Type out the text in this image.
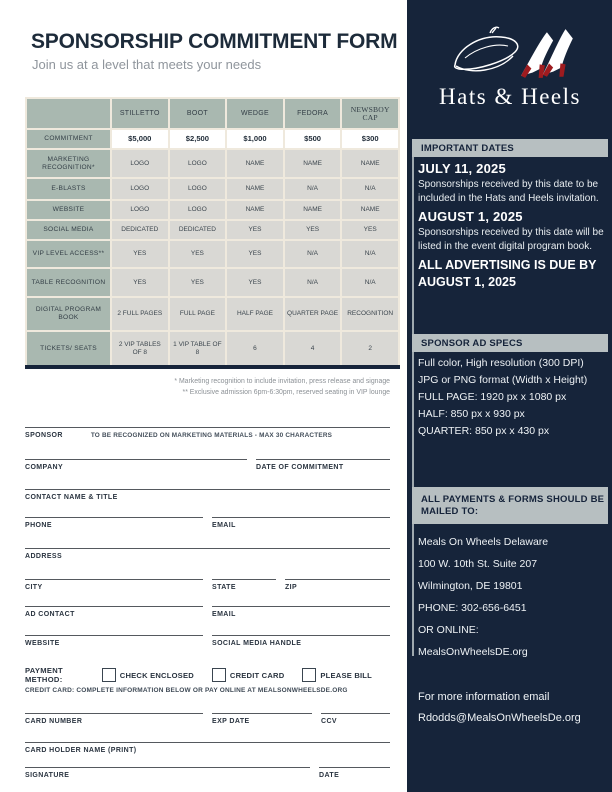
SPONSORSHIP COMMITMENT FORM
Join us at a level that meets your needs
	STILLETTO	BOOT	WEDGE	FEDORA	NEWSBOY CAP
COMMITMENT	$5,000	$2,500	$1,000	$500	$300
MARKETING RECOGNITION*	LOGO	LOGO	NAME	NAME	NAME
E-BLASTS	LOGO	LOGO	NAME	N/A	N/A
WEBSITE	LOGO	LOGO	NAME	NAME	NAME
SOCIAL MEDIA	DEDICATED	DEDICATED	YES	YES	YES
VIP LEVEL ACCESS**	YES	YES	YES	N/A	N/A
TABLE RECOGNITION	YES	YES	YES	N/A	N/A
DIGITAL PROGRAM BOOK	2 FULL PAGES	FULL PAGE	HALF PAGE	QUARTER PAGE	RECOGNITION
TICKETS/ SEATS	2 VIP TABLES OF 8	1 VIP TABLE OF 8	6	4	2
* Marketing recognition to include invitation, press release and signage
** Exclusive admission 6pm-6:30pm, reserved seating in VIP lounge
SPONSOR	TO BE RECOGNIZED ON MARKETING MATERIALS - MAX 30 CHARACTERS
COMPANY	DATE OF COMMITMENT
CONTACT NAME & TITLE
PHONE	EMAIL
ADDRESS
CITY	STATE	ZIP
AD CONTACT	EMAIL
WEBSITE	SOCIAL MEDIA HANDLE
CARD NUMBER	EXP DATE	CCV
CARD HOLDER NAME (PRINT)
SIGNATURE	DATE
PAYMENT METHOD:	CHECK ENCLOSED	CREDIT CARD	PLEASE BILL
CREDIT CARD: COMPLETE INFORMATION BELOW OR PAY ONLINE AT MEALSONWHEELSDE.ORG
Hats & Heels
IMPORTANT DATES
JULY 11, 2025

Sponsorships received by this date to be included in the Hats and Heels invitation.

AUGUST 1, 2025

Sponsorships received by this date will be listed in the event digital program book.

ALL ADVERTISING IS DUE BY AUGUST 1, 2025
SPONSOR AD SPECS
Full color, High resolution (300 DPI)
JPG or PNG format (Width x Height)
FULL PAGE: 1920 px x 1080 px
HALF: 850 px x 930 px
QUARTER: 850 px x 430 px
ALL PAYMENTS & FORMS SHOULD BE MAILED TO:
Meals On Wheels Delaware
100 W. 10th St. Suite 207
Wilmington, DE 19801
PHONE: 302-656-6451
OR ONLINE:
MealsOnWheelsDE.org
For more information email
Rdodds@MealsOnWheelsDe.org
